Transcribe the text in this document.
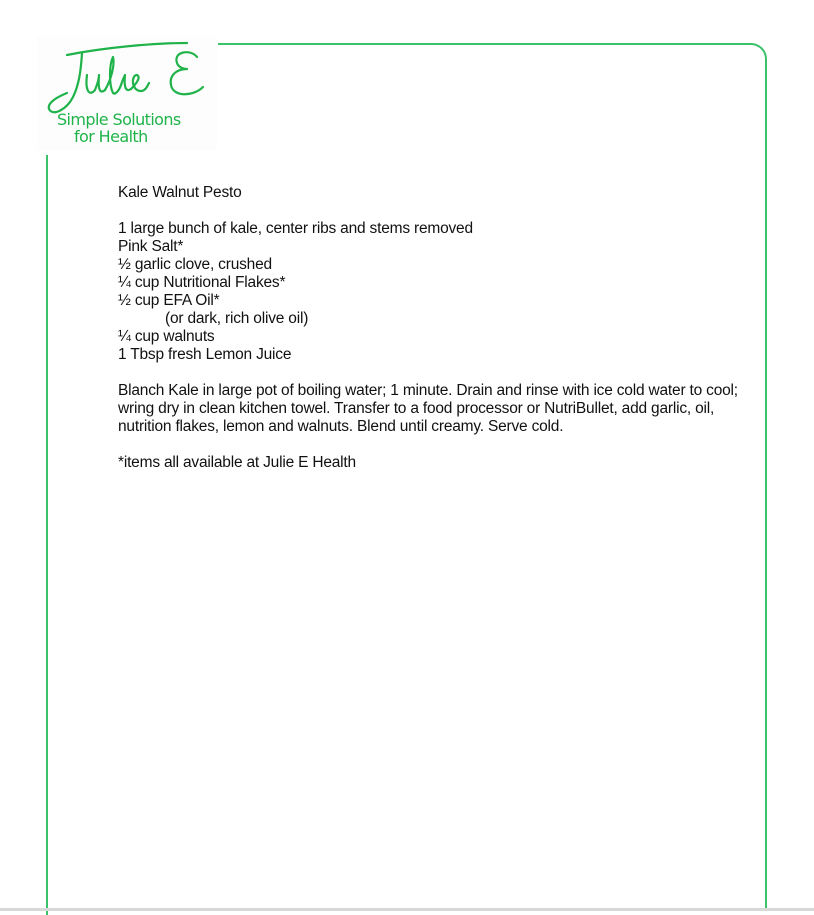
Simple Solutions
for Health
Kale Walnut Pesto
1 large bunch of kale, center ribs and stems removed
Pink Salt*
½ garlic clove, crushed
¼ cup Nutritional Flakes*
½ cup EFA Oil*
(or dark, rich olive oil)
¼ cup walnuts
1 Tbsp fresh Lemon Juice

Blanch Kale in large pot of boiling water; 1 minute. Drain and rinse with ice cold water to cool; wring dry in clean kitchen towel. Transfer to a food processor or NutriBullet, add garlic, oil, nutrition flakes, lemon and walnuts. Blend until creamy. Serve cold.

*items all available at Julie E Health
